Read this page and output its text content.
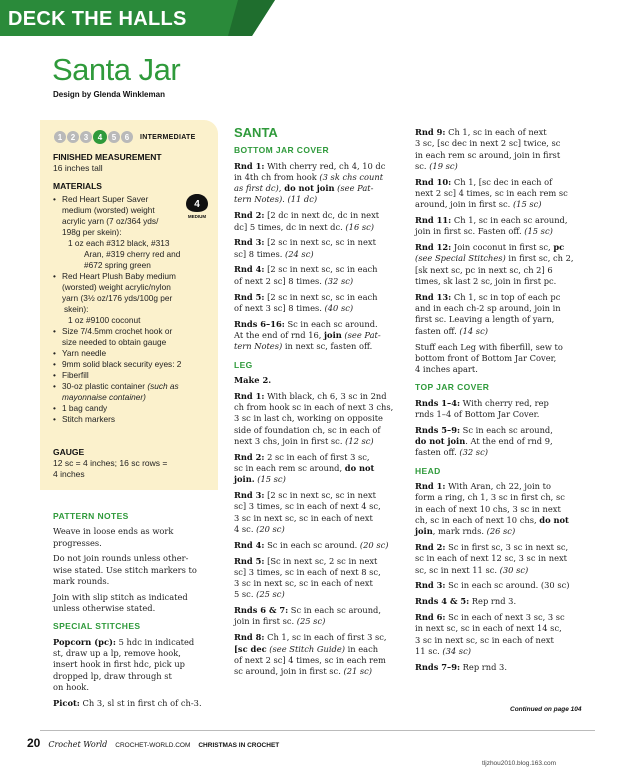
DECK THE HALLS
Santa Jar
Design by Glenda Winkleman
1	2	3	4	5	6	INTERMEDIATE
FINISHED MEASUREMENT
16 inches tall
MATERIALS
4
MEDIUM
• Red Heart Super Saver
medium (worsted) weight
acrylic yarn (7 oz/364 yds/
198g per skein):
1 oz each #312 black, #313
Aran, #319 cherry red and
#672 spring green
• Red Heart Plush Baby medium
(worsted) weight acrylic/nylon
yarn (3½ oz/176 yds/100g per
skein):
1 oz #9100 coconut
• Size 7/4.5mm crochet hook or
size needed to obtain gauge
• Yarn needle
• 9mm solid black security eyes: 2
• Fiberfill
• 30-oz plastic container (such as
mayonnaise container)
• 1 bag candy
• Stitch markers
GAUGE
12 sc = 4 inches; 16 sc rows =
4 inches
PATTERN NOTES

Weave in loose ends as work
progresses.

Do not join rounds unless other-
wise stated. Use stitch markers to
mark rounds.

Join with slip stitch as indicated
unless otherwise stated.

SPECIAL STITCHES

Popcorn (pc): 5 hdc in indicated
st, draw up a lp, remove hook,
insert hook in first hdc, pick up
dropped lp, draw through st
on hook.

Picot: Ch 3, sl st in first ch of ch-3.

SANTA
BOTTOM JAR COVER

Rnd 1: With cherry red, ch 4, 10 dc
in 4th ch from hook (3 sk chs count
as first dc), do not join (see Pat-
tern Notes). (11 dc)

Rnd 2: [2 dc in next dc, dc in next
dc] 5 times, dc in next dc. (16 sc)

Rnd 3: [2 sc in next sc, sc in next
sc] 8 times. (24 sc)

Rnd 4: [2 sc in next sc, sc in each
of next 2 sc] 8 times. (32 sc)

Rnd 5: [2 sc in next sc, sc in each
of next 3 sc] 8 times. (40 sc)

Rnds 6–16: Sc in each sc around.
At the end of rnd 16, join (see Pat-
tern Notes) in next sc, fasten off.

LEG

Make 2.

Rnd 1: With black, ch 6, 3 sc in 2nd
ch from hook sc in each of next 3 chs,
3 sc in last ch, working on opposite
side of foundation ch, sc in each of
next 3 chs, join in first sc. (12 sc)

Rnd 2: 2 sc in each of first 3 sc,
sc in each rem sc around, do not
join. (15 sc)

Rnd 3: [2 sc in next sc, sc in next
sc] 3 times, sc in each of next 4 sc,
3 sc in next sc, sc in each of next
4 sc. (20 sc)

Rnd 4: Sc in each sc around. (20 sc)

Rnd 5: [Sc in next sc, 2 sc in next
sc] 3 times, sc in each of next 8 sc,
3 sc in next sc, sc in each of next
5 sc. (25 sc)

Rnds 6 & 7: Sc in each sc around,
join in first sc. (25 sc)

Rnd 8: Ch 1, sc in each of first 3 sc,
[sc dec (see Stitch Guide) in each
of next 2 sc] 4 times, sc in each rem
sc around, join in first sc. (21 sc)

Rnd 9: Ch 1, sc in each of next
3 sc, [sc dec in next 2 sc] twice, sc
in each rem sc around, join in first
sc. (19 sc)

Rnd 10: Ch 1, [sc dec in each of
next 2 sc] 4 times, sc in each rem sc
around, join in first sc. (15 sc)

Rnd 11: Ch 1, sc in each sc around,
join in first sc. Fasten off. (15 sc)

Rnd 12: Join coconut in first sc, pc
(see Special Stitches) in first sc, ch 2,
[sk next sc, pc in next sc, ch 2] 6
times, sk last 2 sc, join in first pc.

Rnd 13: Ch 1, sc in top of each pc
and in each ch-2 sp around, join in
first sc. Leaving a length of yarn,
fasten off. (14 sc)

Stuff each Leg with fiberfill, sew to
bottom front of Bottom Jar Cover,
4 inches apart.

TOP JAR COVER

Rnds 1–4: With cherry red, rep
rnds 1–4 of Bottom Jar Cover.

Rnds 5–9: Sc in each sc around,
do not join. At the end of rnd 9,
fasten off. (32 sc)

HEAD

Rnd 1: With Aran, ch 22, join to
form a ring, ch 1, 3 sc in first ch, sc
in each of next 10 chs, 3 sc in next
ch, sc in each of next 10 chs, do not
join, mark rnds. (26 sc)

Rnd 2: Sc in first sc, 3 sc in next sc,
sc in each of next 12 sc, 3 sc in next
sc, sc in next 11 sc. (30 sc)

Rnd 3: Sc in each sc around. (30 sc)

Rnds 4 & 5: Rep rnd 3.

Rnd 6: Sc in each of next 3 sc, 3 sc
in next sc, sc in each of next 14 sc,
3 sc in next sc, sc in each of next
11 sc. (34 sc)

Rnds 7–9: Rep rnd 3.

Continued on page 104
20 Crochet World CROCHET-WORLD.COM CHRISTMAS IN CROCHET
tljzhou2010.blog.163.com
